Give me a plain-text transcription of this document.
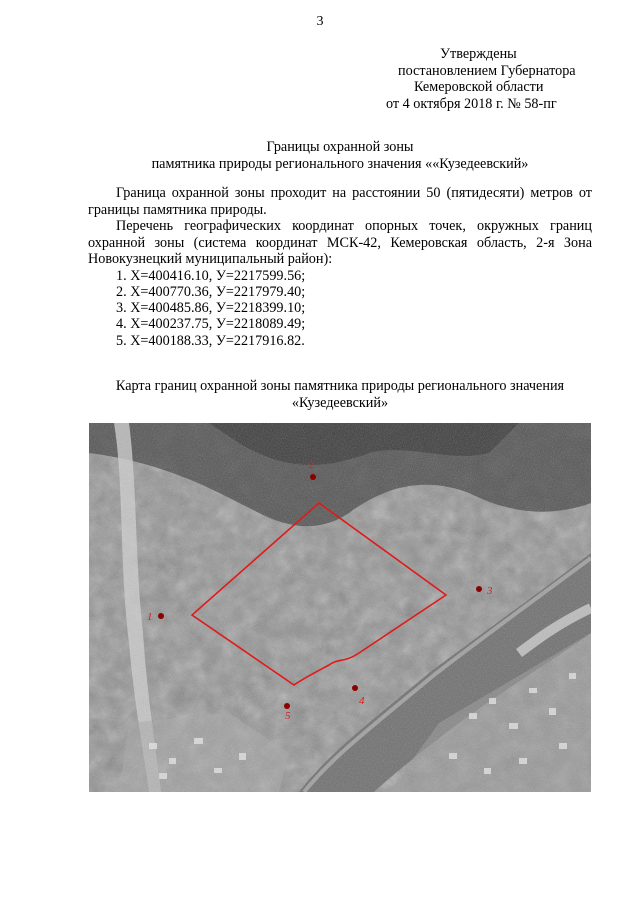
3
Утверждены
постановлением Губернатора
Кемеровской области
от 4 октября 2018 г. № 58-пг
Границы охранной зоны
памятника природы регионального значения ««Кузедеевский»

Граница охранной зоны проходит на расстоянии 50 (пятидесяти) метров от границы памятника природы.

Перечень географических координат опорных точек, окружных границ охранной зоны (система координат МСК-42, Кемеровская область, 2-я Зона Новокузнецкий муниципальный район):

1. Х=400416.10, У=2217599.56;
2. Х=400770.36, У=2217979.40;
3. Х=400485.86, У=2218399.10;
4. Х=400237.75, У=2218089.49;
5. Х=400188.33, У=2217916.82.
Карта границ охранной зоны памятника природы регионального значения
«Кузедеевский»
1
2
3
4
5
